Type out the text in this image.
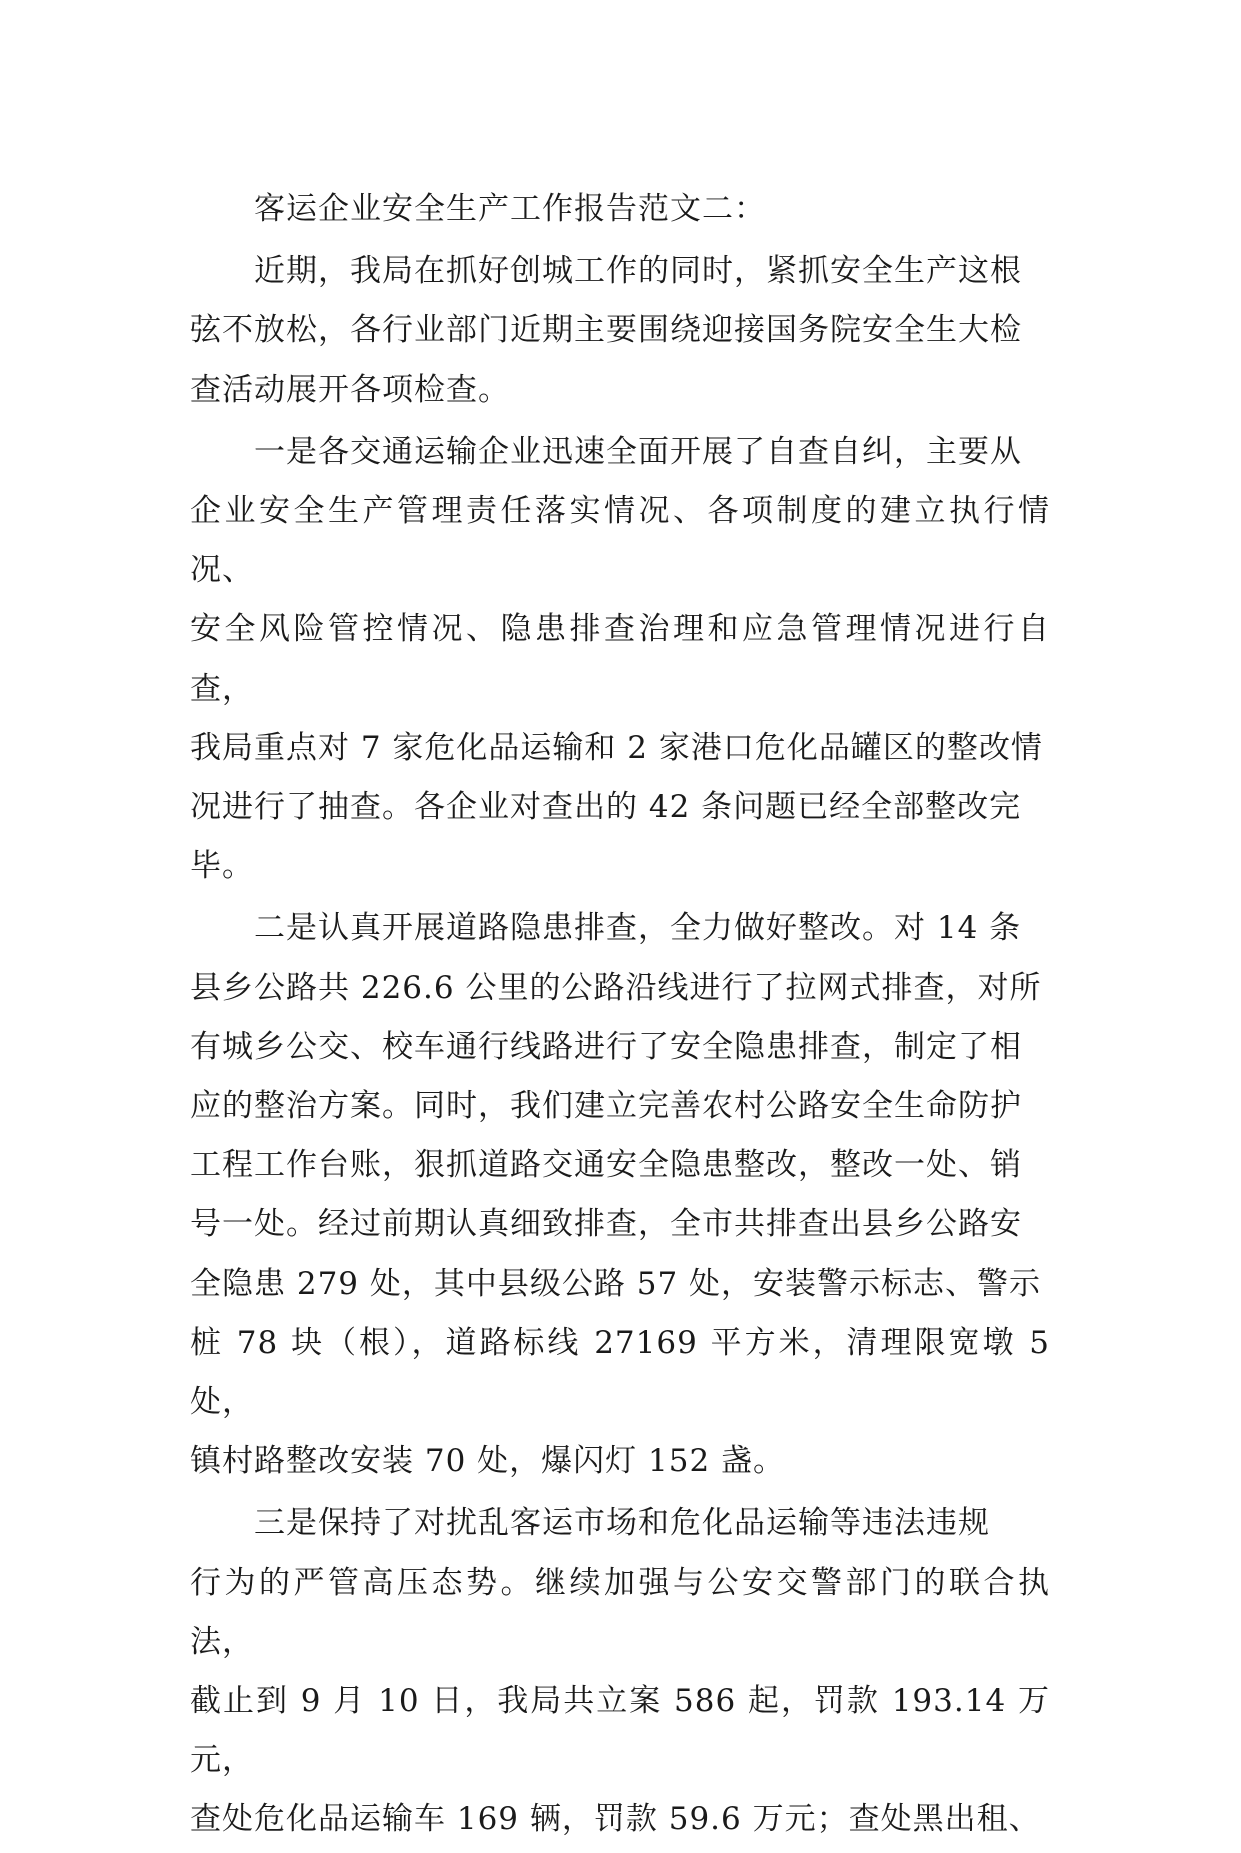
客运企业安全生产工作报告范文二：

近期，我局在抓好创城工作的同时，紧抓安全生产这根
弦不放松，各行业部门近期主要围绕迎接国务院安全生大检
查活动展开各项检查。

一是各交通运输企业迅速全面开展了自查自纠，主要从
企业安全生产管理责任落实情况、各项制度的建立执行情况、
安全风险管控情况、隐患排查治理和应急管理情况进行自查，
我局重点对 7 家危化品运输和 2 家港口危化品罐区的整改情
况进行了抽查。各企业对查出的 42 条问题已经全部整改完
毕。

二是认真开展道路隐患排查，全力做好整改。对 14 条
县乡公路共 226.6 公里的公路沿线进行了拉网式排查，对所
有城乡公交、校车通行线路进行了安全隐患排查，制定了相
应的整治方案。同时，我们建立完善农村公路安全生命防护
工程工作台账，狠抓道路交通安全隐患整改，整改一处、销
号一处。经过前期认真细致排查，全市共排查出县乡公路安
全隐患 279 处，其中县级公路 57 处，安装警示标志、警示
桩 78 块（根），道路标线 27169 平方米，清理限宽墩 5 处，
镇村路整改安装 70 处，爆闪灯 152 盏。

三是保持了对扰乱客运市场和危化品运输等违法违规
行为的严管高压态势。继续加强与公安交警部门的联合执法，
截止到 9 月 10 日，我局共立案 586 起，罚款 193.14 万元，
查处危化品运输车 169 辆，罚款 59.6 万元；查处黑出租、
